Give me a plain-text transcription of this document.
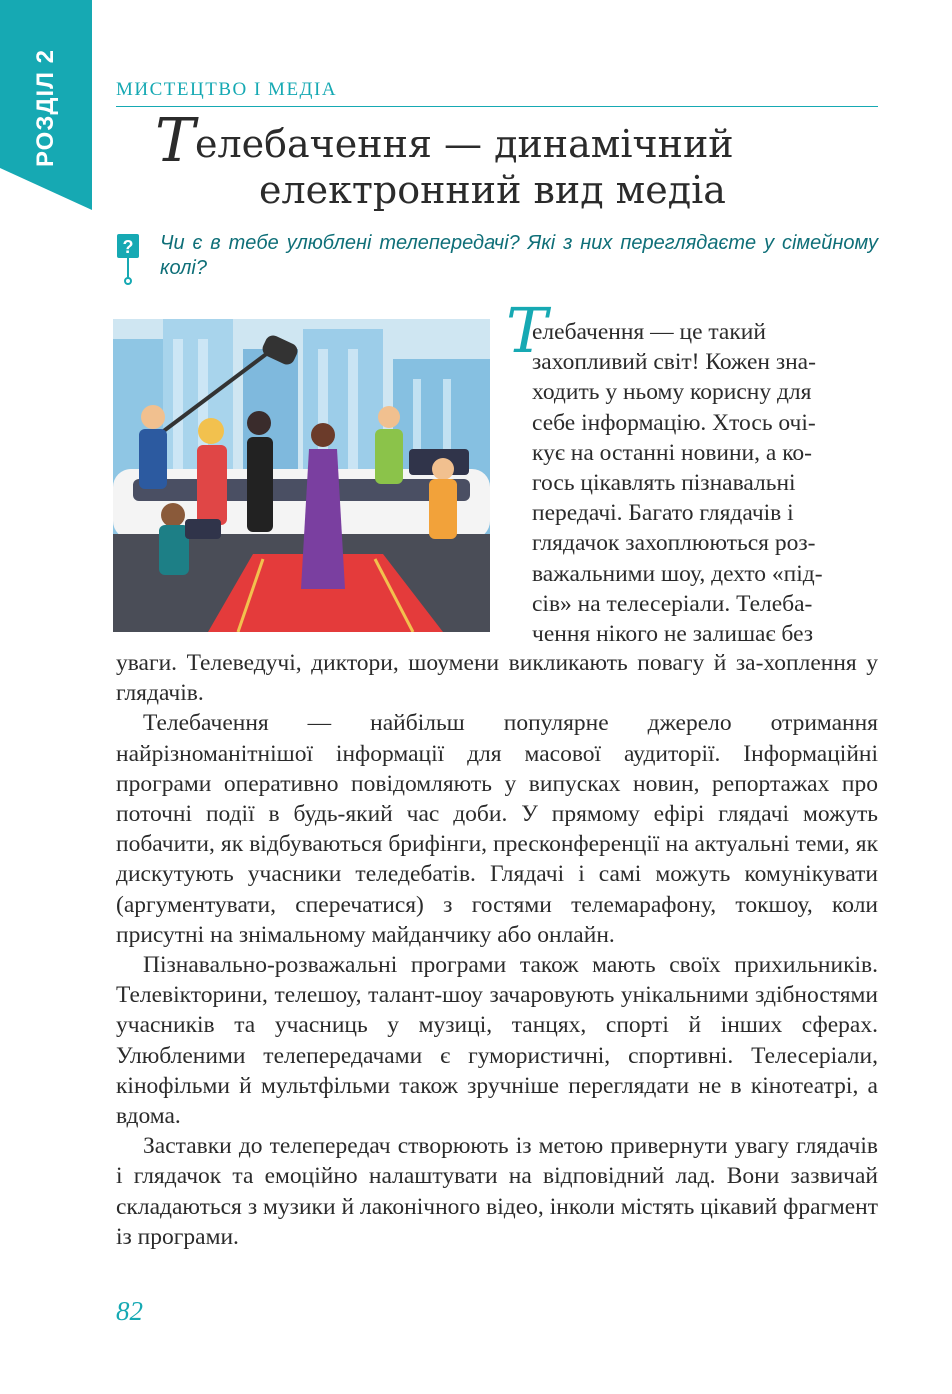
РОЗДІЛ 2	МИСТЕЦТВО І МЕДІА
Телебачення — динамічний
електронний вид медіа
? Чи є в тебе улюблені телепередачі? Які з них переглядаєте у сімейному колі?
Т

елебачення — це такий
захопливий світ! Кожен зна-
ходить у ньому корисну для
себе інформацію. Хтось очі-
кує на останні новини, а ко-
гось цікавлять пізнавальні
передачі. Багато глядачів і
глядачок захоплюються роз-
важальними шоу, дехто «під-
сів» на телесеріали. Телеба-
чення нікого не залишає без

уваги. Телеведучі, диктори, шоумени викликають повагу й за-хоплення у глядачів.

Телебачення — найбільш популярне джерело отримання найрізноманітнішої інформації для масової аудиторії. Інформаційні програми оперативно повідомляють у випусках новин, репортажах про поточні події в будь-який час доби. У прямому ефірі глядачі можуть побачити, як відбуваються брифінги, пресконференції на актуальні теми, як дискутують учасники теледебатів. Глядачі і самі можуть комунікувати (аргументувати, сперечатися) з гостями телемарафону, токшоу, коли присутні на знімальному майданчику або онлайн.

Пізнавально-розважальні програми також мають своїх прихильників. Телевікторини, телешоу, талант-шоу зачаровують унікальними здібностями учасників та учасниць у музиці, танцях, спорті й інших сферах. Улюбленими телепередачами є гумористичні, спортивні. Телесеріали, кінофільми й мультфільми також зручніше переглядати не в кінотеатрі, а вдома.

Заставки до телепередач створюють із метою привернути увагу глядачів і глядачок та емоційно налаштувати на відповідний лад. Вони зазвичай складаються з музики й лаконічного відео, інколи містять цікавий фрагмент із програми.

82
